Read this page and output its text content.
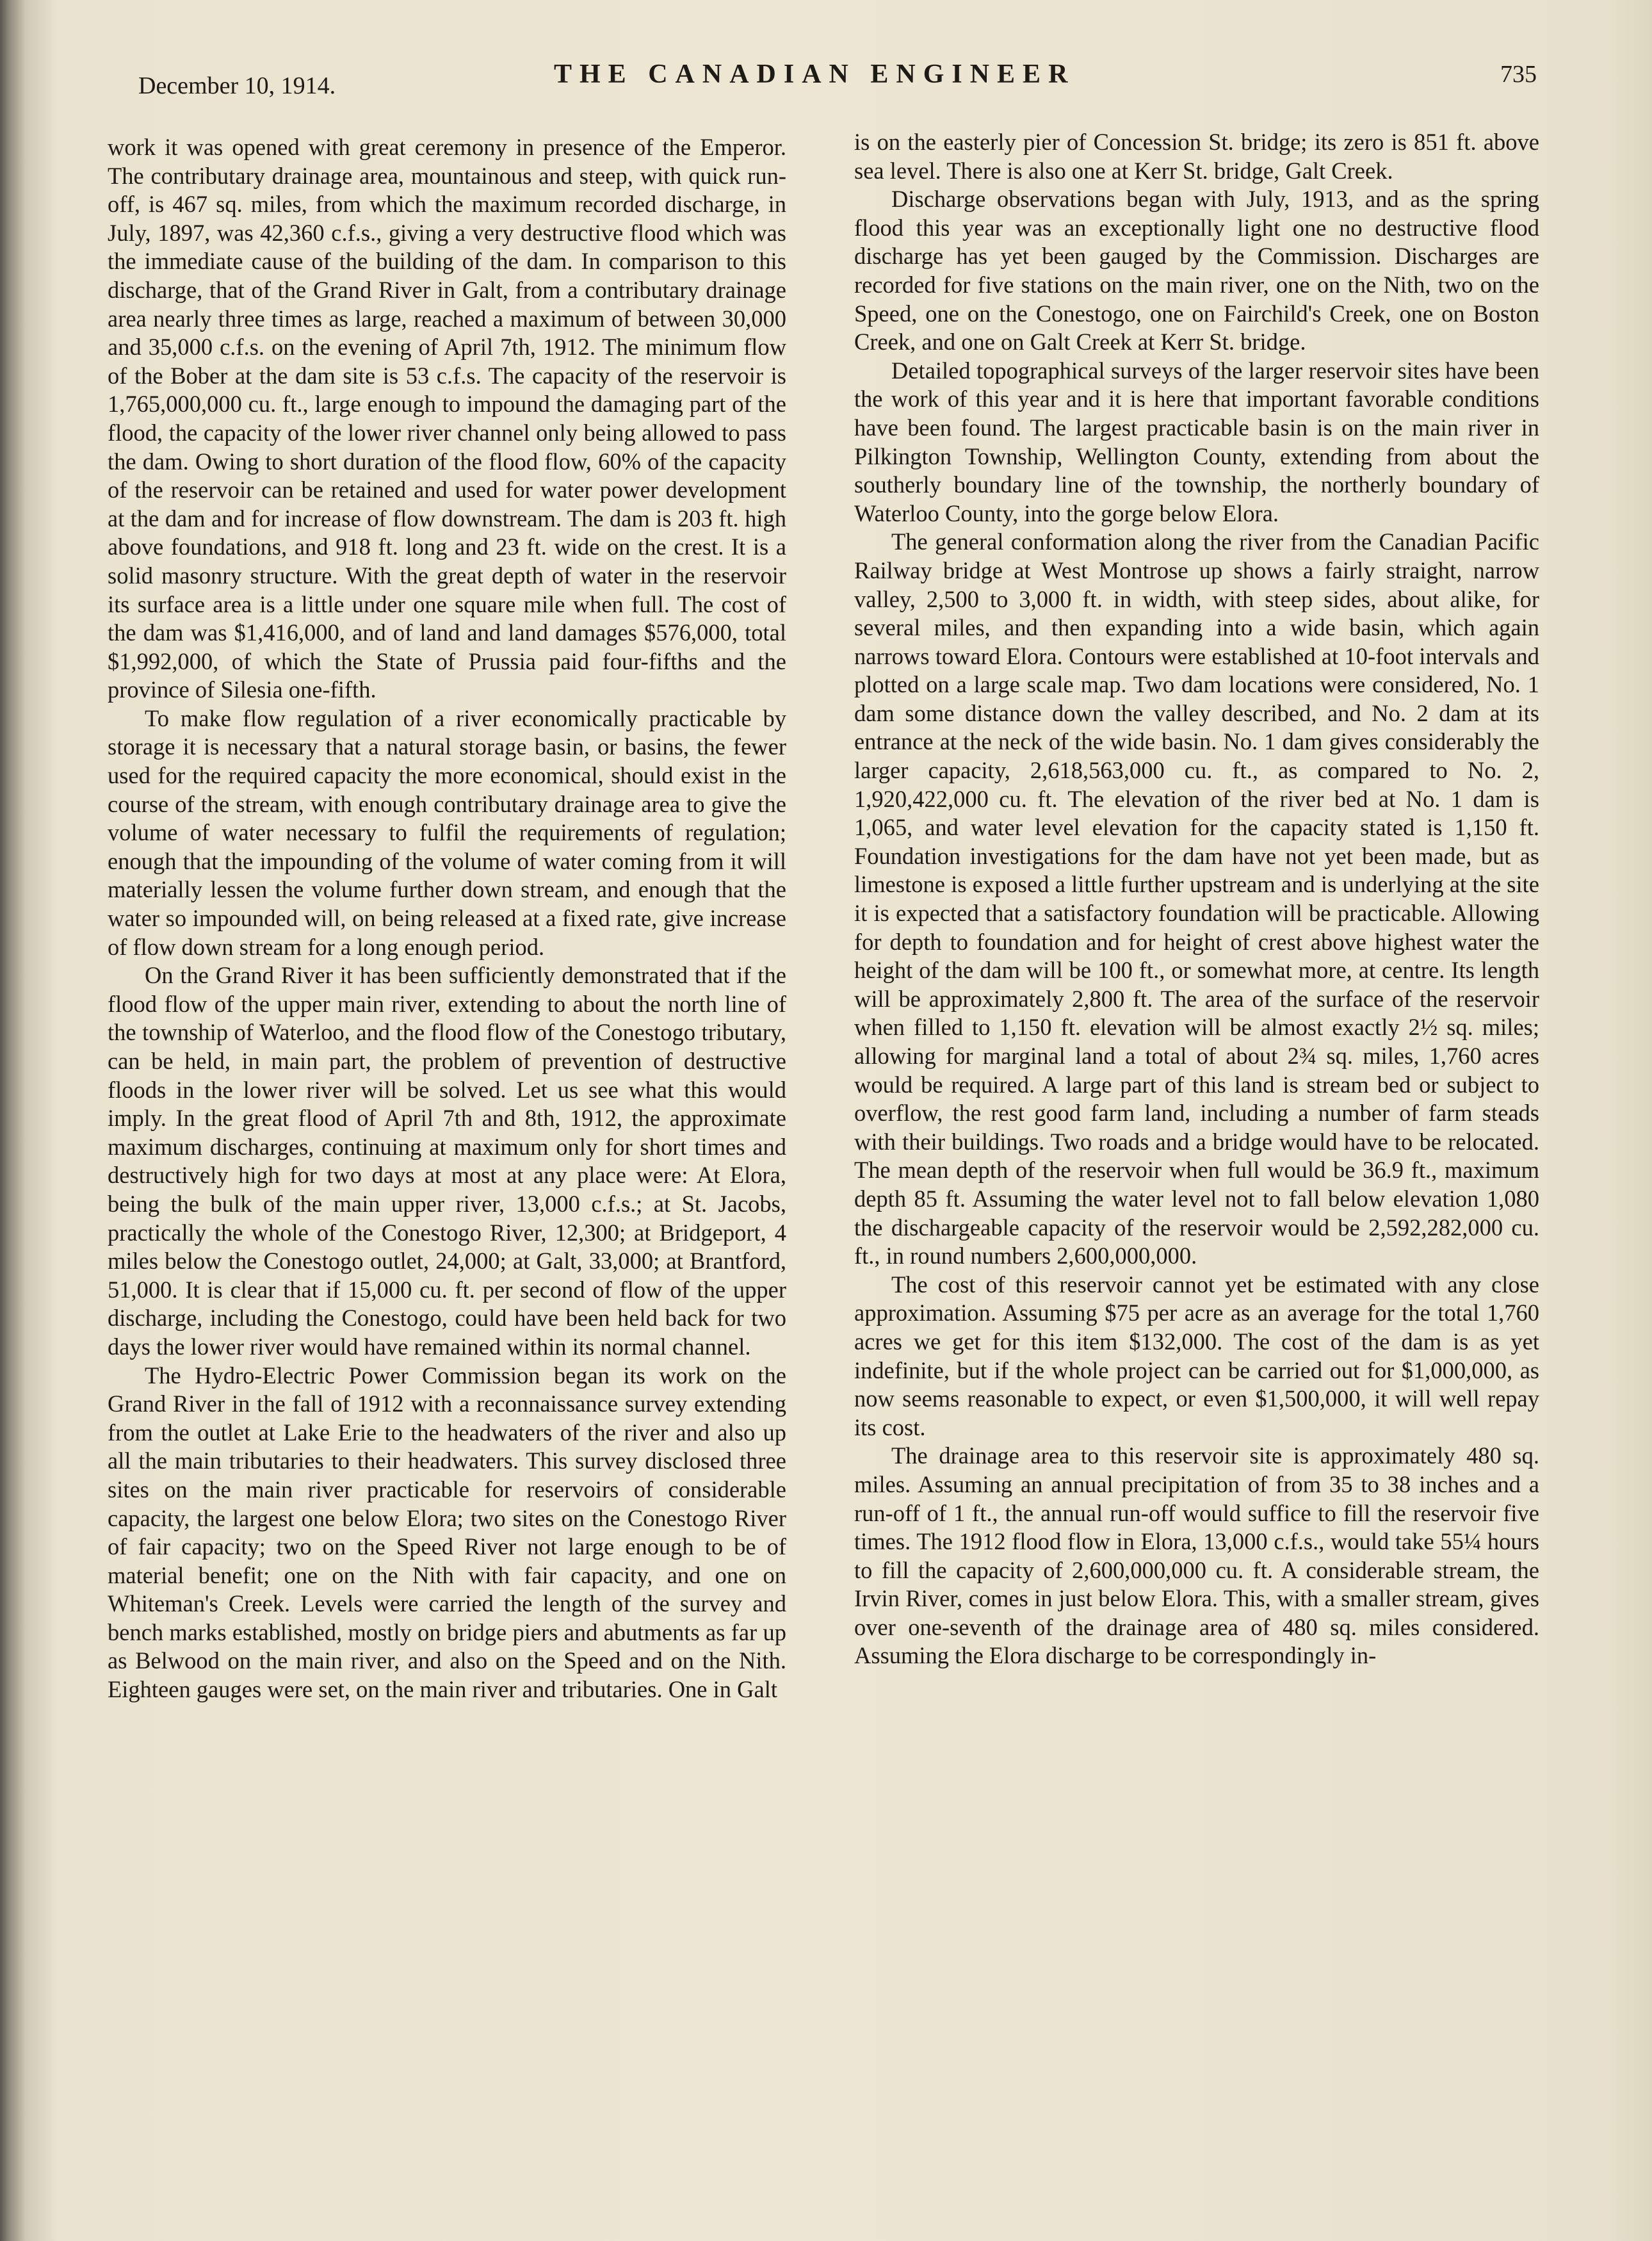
December 10, 1914.	THE CANADIAN ENGINEER	735

work it was opened with great ceremony in presence of the Emperor. The contributary drainage area, mountainous and steep, with quick run-off, is 467 sq. miles, from which the maximum recorded discharge, in July, 1897, was 42,360 c.f.s., giving a very destructive flood which was the immediate cause of the building of the dam. In comparison to this discharge, that of the Grand River in Galt, from a contributary drainage area nearly three times as large, reached a maximum of between 30,000 and 35,000 c.f.s. on the evening of April 7th, 1912. The minimum flow of the Bober at the dam site is 53 c.f.s. The capacity of the reservoir is 1,765,000,000 cu. ft., large enough to impound the damaging part of the flood, the capacity of the lower river channel only being allowed to pass the dam. Owing to short duration of the flood flow, 60% of the capacity of the reservoir can be retained and used for water power development at the dam and for increase of flow downstream. The dam is 203 ft. high above foundations, and 918 ft. long and 23 ft. wide on the crest. It is a solid masonry structure. With the great depth of water in the reservoir its surface area is a little under one square mile when full. The cost of the dam was $1,416,000, and of land and land damages $576,000, total $1,992,000, of which the State of Prussia paid four-fifths and the province of Silesia one-fifth.

To make flow regulation of a river economically practicable by storage it is necessary that a natural storage basin, or basins, the fewer used for the required capacity the more economical, should exist in the course of the stream, with enough contributary drainage area to give the volume of water necessary to fulfil the requirements of regulation; enough that the impounding of the volume of water coming from it will materially lessen the volume further down stream, and enough that the water so impounded will, on being released at a fixed rate, give increase of flow down stream for a long enough period.

On the Grand River it has been sufficiently demonstrated that if the flood flow of the upper main river, extending to about the north line of the township of Waterloo, and the flood flow of the Conestogo tributary, can be held, in main part, the problem of prevention of destructive floods in the lower river will be solved. Let us see what this would imply. In the great flood of April 7th and 8th, 1912, the approximate maximum discharges, continuing at maximum only for short times and destructively high for two days at most at any place were: At Elora, being the bulk of the main upper river, 13,000 c.f.s.; at St. Jacobs, practically the whole of the Conestogo River, 12,300; at Bridgeport, 4 miles below the Conestogo outlet, 24,000; at Galt, 33,000; at Brantford, 51,000. It is clear that if 15,000 cu. ft. per second of flow of the upper discharge, including the Conestogo, could have been held back for two days the lower river would have remained within its normal channel.

The Hydro-Electric Power Commission began its work on the Grand River in the fall of 1912 with a reconnaissance survey extending from the outlet at Lake Erie to the headwaters of the river and also up all the main tributaries to their headwaters. This survey disclosed three sites on the main river practicable for reservoirs of considerable capacity, the largest one below Elora; two sites on the Conestogo River of fair capacity; two on the Speed River not large enough to be of material benefit; one on the Nith with fair capacity, and one on Whiteman's Creek. Levels were carried the length of the survey and bench marks established, mostly on bridge piers and abutments as far up as Belwood on the main river, and also on the Speed and on the Nith. Eighteen gauges were set, on the main river and tributaries. One in Galt

is on the easterly pier of Concession St. bridge; its zero is 851 ft. above sea level. There is also one at Kerr St. bridge, Galt Creek.

Discharge observations began with July, 1913, and as the spring flood this year was an exceptionally light one no destructive flood discharge has yet been gauged by the Commission. Discharges are recorded for five stations on the main river, one on the Nith, two on the Speed, one on the Conestogo, one on Fairchild's Creek, one on Boston Creek, and one on Galt Creek at Kerr St. bridge.

Detailed topographical surveys of the larger reservoir sites have been the work of this year and it is here that important favorable conditions have been found. The largest practicable basin is on the main river in Pilkington Township, Wellington County, extending from about the southerly boundary line of the township, the northerly boundary of Waterloo County, into the gorge below Elora.

The general conformation along the river from the Canadian Pacific Railway bridge at West Montrose up shows a fairly straight, narrow valley, 2,500 to 3,000 ft. in width, with steep sides, about alike, for several miles, and then expanding into a wide basin, which again narrows toward Elora. Contours were established at 10-foot intervals and plotted on a large scale map. Two dam locations were considered, No. 1 dam some distance down the valley described, and No. 2 dam at its entrance at the neck of the wide basin. No. 1 dam gives considerably the larger capacity, 2,618,563,000 cu. ft., as compared to No. 2, 1,920,422,000 cu. ft. The elevation of the river bed at No. 1 dam is 1,065, and water level elevation for the capacity stated is 1,150 ft. Foundation investigations for the dam have not yet been made, but as limestone is exposed a little further upstream and is underlying at the site it is expected that a satisfactory foundation will be practicable. Allowing for depth to foundation and for height of crest above highest water the height of the dam will be 100 ft., or somewhat more, at centre. Its length will be approximately 2,800 ft. The area of the surface of the reservoir when filled to 1,150 ft. elevation will be almost exactly 2½ sq. miles; allowing for marginal land a total of about 2¾ sq. miles, 1,760 acres would be required. A large part of this land is stream bed or subject to overflow, the rest good farm land, including a number of farm steads with their buildings. Two roads and a bridge would have to be relocated. The mean depth of the reservoir when full would be 36.9 ft., maximum depth 85 ft. Assuming the water level not to fall below elevation 1,080 the dischargeable capacity of the reservoir would be 2,592,282,000 cu. ft., in round numbers 2,600,000,000.

The cost of this reservoir cannot yet be estimated with any close approximation. Assuming $75 per acre as an average for the total 1,760 acres we get for this item $132,000. The cost of the dam is as yet indefinite, but if the whole project can be carried out for $1,000,000, as now seems reasonable to expect, or even $1,500,000, it will well repay its cost.

The drainage area to this reservoir site is approximately 480 sq. miles. Assuming an annual precipitation of from 35 to 38 inches and a run-off of 1 ft., the annual run-off would suffice to fill the reservoir five times. The 1912 flood flow in Elora, 13,000 c.f.s., would take 55¼ hours to fill the capacity of 2,600,000,000 cu. ft. A considerable stream, the Irvin River, comes in just below Elora. This, with a smaller stream, gives over one-seventh of the drainage area of 480 sq. miles considered. Assuming the Elora discharge to be correspondingly in-
